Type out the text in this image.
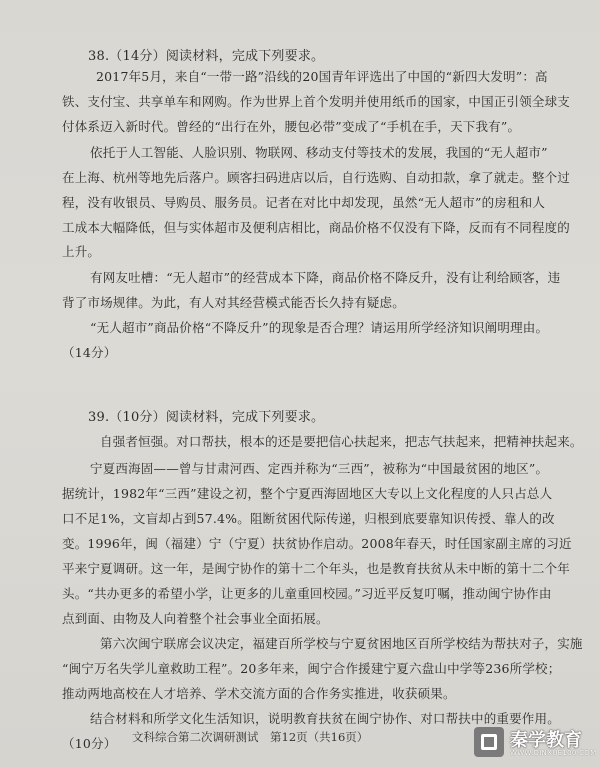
38.（14分）阅读材料，完成下列要求。
2017年5月，来自“一带一路”沿线的20国青年评选出了中国的“新四大发明”：高
铁、支付宝、共享单车和网购。作为世界上首个发明并使用纸币的国家，中国正引领全球支
付体系迈入新时代。曾经的“出行在外，腰包必带”变成了“手机在手，天下我有”。
依托于人工智能、人脸识别、物联网、移动支付等技术的发展，我国的“无人超市”
在上海、杭州等地先后落户。顾客扫码进店以后，自行选购、自动扣款，拿了就走。整个过
程，没有收银员、导购员、服务员。记者在对比中却发现，虽然“无人超市”的房租和人
工成本大幅降低，但与实体超市及便利店相比，商品价格不仅没有下降，反而有不同程度的
上升。
有网友吐槽：“无人超市”的经营成本下降，商品价格不降反升，没有让利给顾客，违
背了市场规律。为此，有人对其经营模式能否长久持有疑虑。
“无人超市”商品价格“不降反升”的现象是否合理？请运用所学经济知识阐明理由。
（14分）
39.（10分）阅读材料，完成下列要求。
自强者恒强。对口帮扶，根本的还是要把信心扶起来，把志气扶起来，把精神扶起来。
宁夏西海固——曾与甘肃河西、定西并称为“三西”，被称为“中国最贫困的地区”。
据统计，1982年“三西”建设之初，整个宁夏西海固地区大专以上文化程度的人只占总人
口不足1%，文盲却占到57.4%。阻断贫困代际传递，归根到底要靠知识传授、靠人的改
变。1996年，闽（福建）宁（宁夏）扶贫协作启动。2008年春天，时任国家副主席的习近
平来宁夏调研。这一年，是闽宁协作的第十二个年头，也是教育扶贫从未中断的第十二个年
头。“共办更多的希望小学，让更多的儿童重回校园。”习近平反复叮嘱，推动闽宁协作由
点到面、由物及人向着整个社会事业全面拓展。
第六次闽宁联席会议决定，福建百所学校与宁夏贫困地区百所学校结为帮扶对子，实施
“闽宁万名失学儿童救助工程”。20多年来，闽宁合作援建宁夏六盘山中学等236所学校；
推动两地高校在人才培养、学术交流方面的合作务实推进，收获硕果。
结合材料和所学文化生活知识，说明教育扶贫在闽宁协作、对口帮扶中的重要作用。
（10分） 文科综合第二次调研测试　第12页（共16页）	秦学教育
WWW.QINXUE100.COM
